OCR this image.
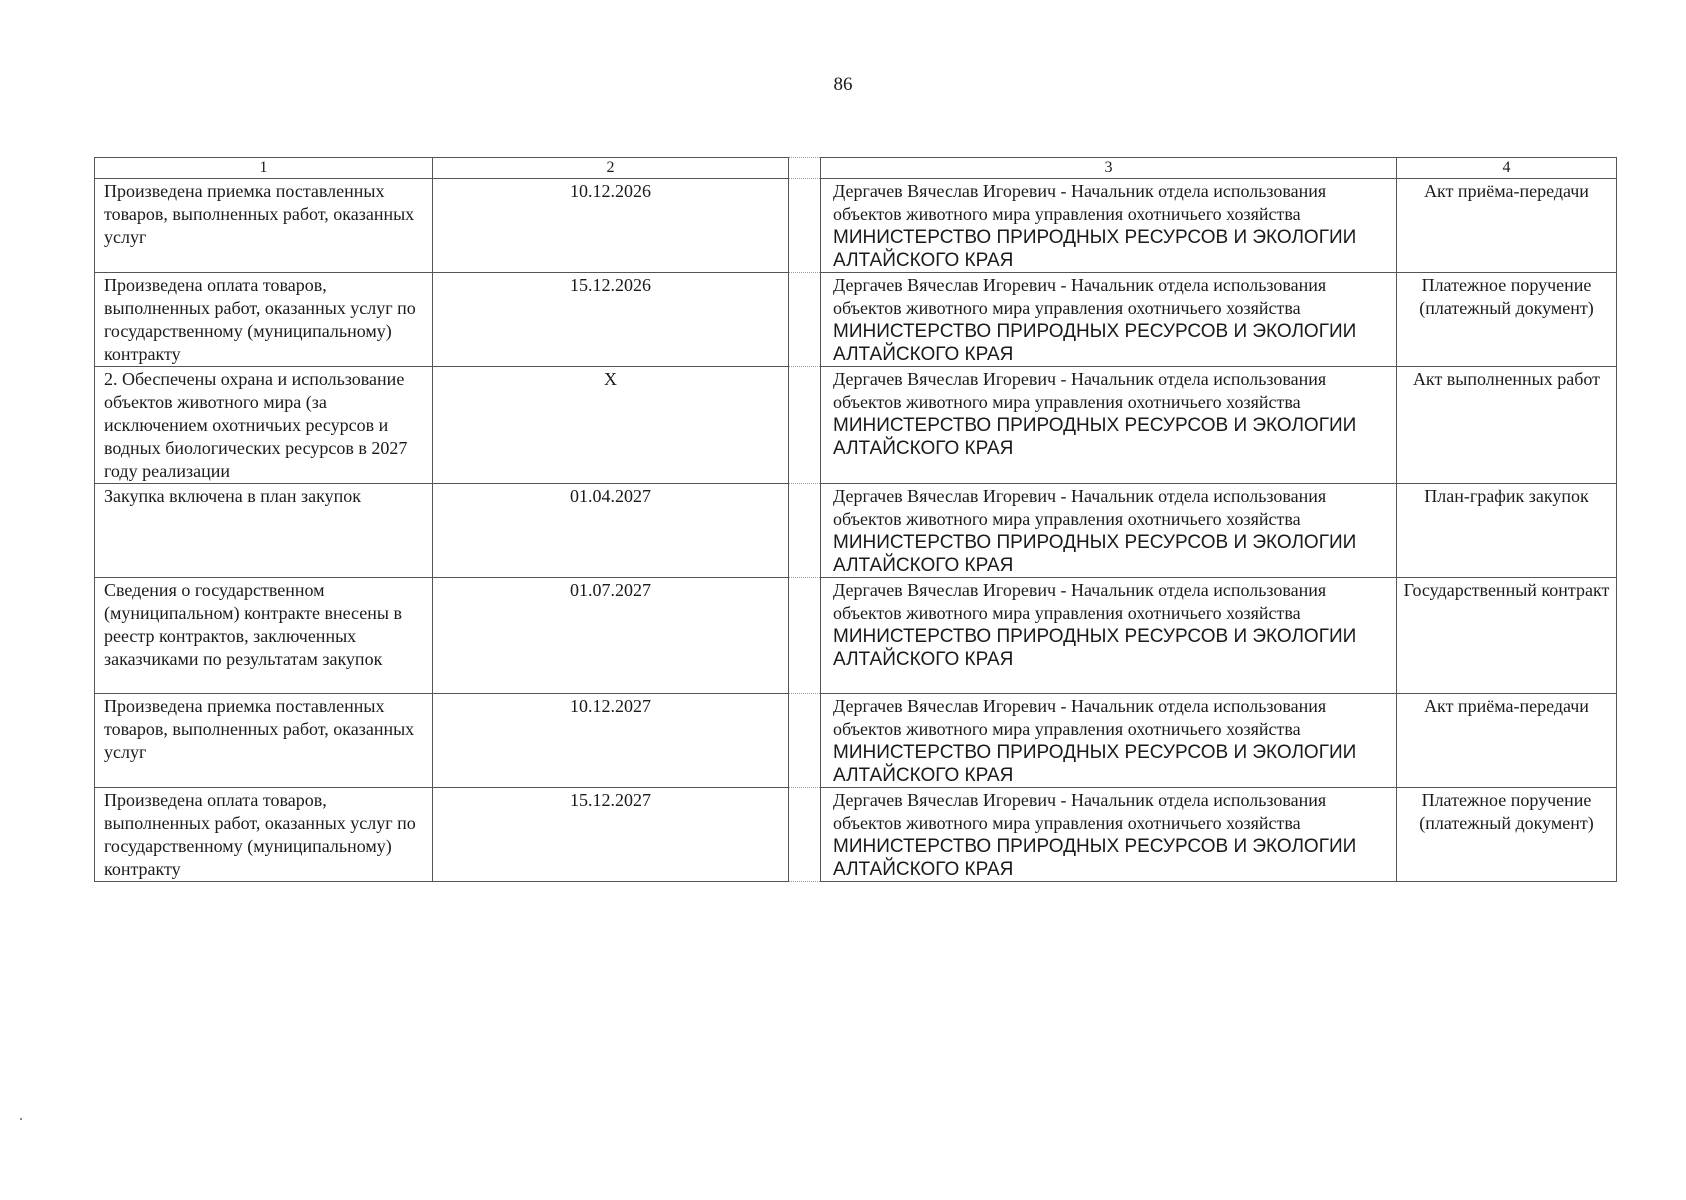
86
1	2		3	4
Произведена приемка поставленных товаров, выполненных работ, оказанных услуг	10.12.2026		Дергачев Вячеслав Игоревич - Начальник отдела использования объектов животного мира управления охотничьего хозяйства
МИНИСТЕРСТВО ПРИРОДНЫХ РЕСУРСОВ И ЭКОЛОГИИ АЛТАЙСКОГО КРАЯ	Акт приёма-передачи
Произведена оплата товаров, выполненных работ, оказанных услуг по государственному (муниципальному) контракту	15.12.2026		Дергачев Вячеслав Игоревич - Начальник отдела использования объектов животного мира управления охотничьего хозяйства
МИНИСТЕРСТВО ПРИРОДНЫХ РЕСУРСОВ И ЭКОЛОГИИ АЛТАЙСКОГО КРАЯ	Платежное поручение (платежный документ)
2. Обеспечены охрана и использование объектов животного мира (за исключением охотничьих ресурсов и водных биологических ресурсов в 2027 году реализации	X		Дергачев Вячеслав Игоревич - Начальник отдела использования объектов животного мира управления охотничьего хозяйства
МИНИСТЕРСТВО ПРИРОДНЫХ РЕСУРСОВ И ЭКОЛОГИИ АЛТАЙСКОГО КРАЯ	Акт выполненных работ
Закупка включена в план закупок	01.04.2027		Дергачев Вячеслав Игоревич - Начальник отдела использования объектов животного мира управления охотничьего хозяйства
МИНИСТЕРСТВО ПРИРОДНЫХ РЕСУРСОВ И ЭКОЛОГИИ АЛТАЙСКОГО КРАЯ	План-график закупок
Сведения о государственном (муниципальном) контракте внесены в реестр контрактов, заключенных заказчиками по результатам закупок	01.07.2027		Дергачев Вячеслав Игоревич - Начальник отдела использования объектов животного мира управления охотничьего хозяйства
МИНИСТЕРСТВО ПРИРОДНЫХ РЕСУРСОВ И ЭКОЛОГИИ АЛТАЙСКОГО КРАЯ	Государственный контракт
Произведена приемка поставленных товаров, выполненных работ, оказанных услуг	10.12.2027		Дергачев Вячеслав Игоревич - Начальник отдела использования объектов животного мира управления охотничьего хозяйства
МИНИСТЕРСТВО ПРИРОДНЫХ РЕСУРСОВ И ЭКОЛОГИИ АЛТАЙСКОГО КРАЯ	Акт приёма-передачи
Произведена оплата товаров, выполненных работ, оказанных услуг по государственному (муниципальному) контракту	15.12.2027		Дергачев Вячеслав Игоревич - Начальник отдела использования объектов животного мира управления охотничьего хозяйства
МИНИСТЕРСТВО ПРИРОДНЫХ РЕСУРСОВ И ЭКОЛОГИИ АЛТАЙСКОГО КРАЯ	Платежное поручение (платежный документ)
